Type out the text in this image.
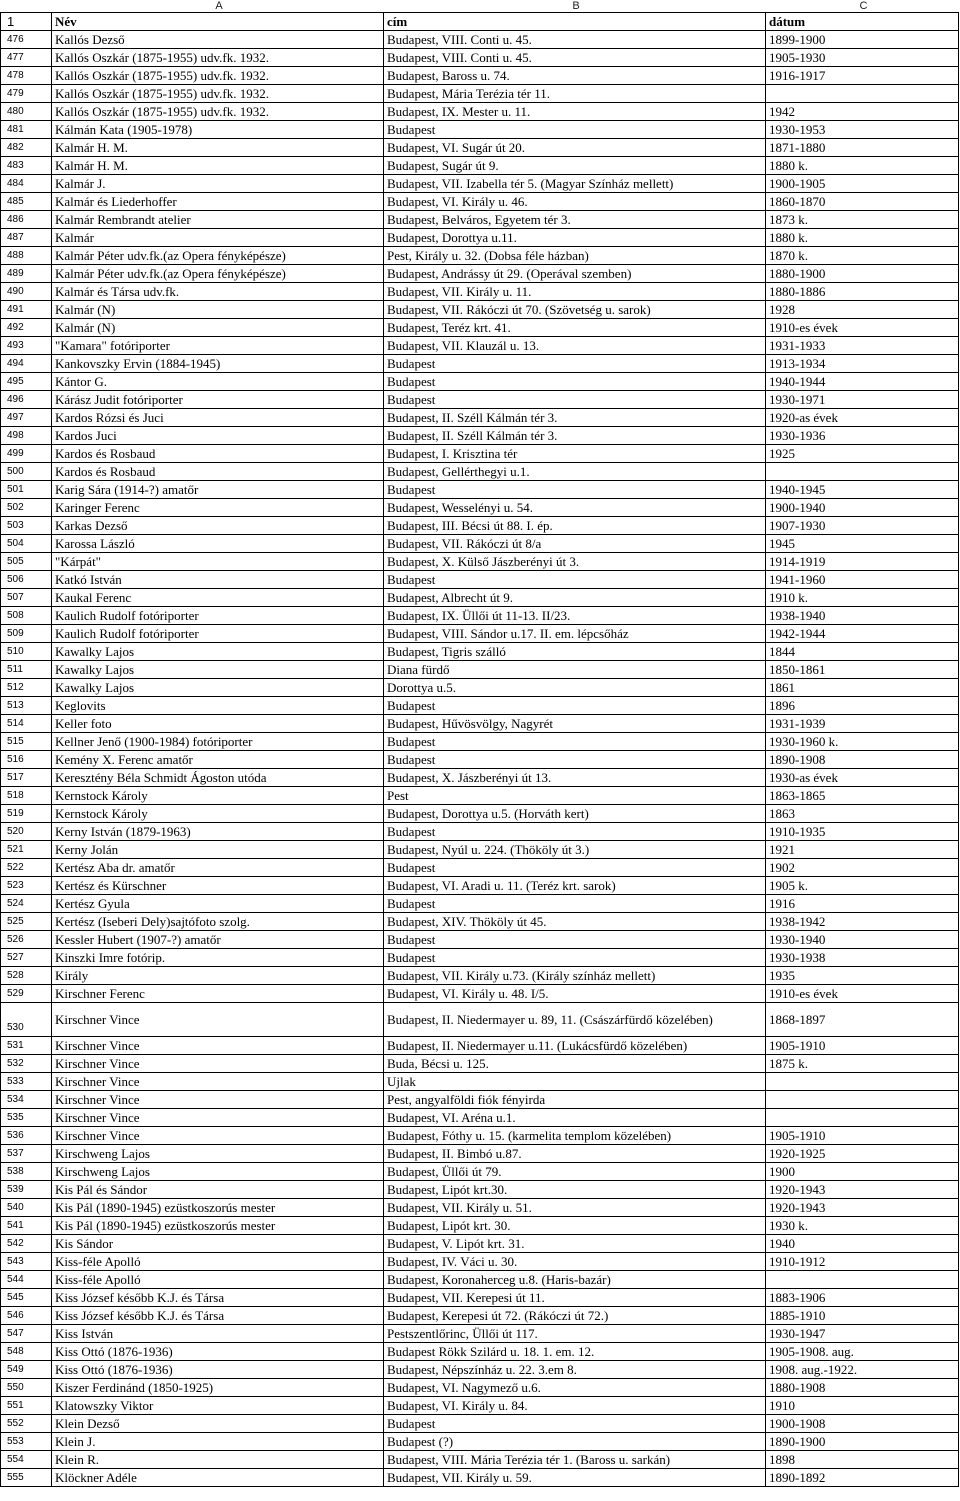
	A	B	C
1	Név	cím	dátum
476	Kallós Dezső	Budapest, VIII. Conti u. 45.	1899-1900
477	Kallós Oszkár (1875-1955) udv.fk. 1932.	Budapest, VIII. Conti u. 45.	1905-1930
478	Kallós Oszkár (1875-1955) udv.fk. 1932.	Budapest, Baross u. 74.	1916-1917
479	Kallós Oszkár (1875-1955) udv.fk. 1932.	Budapest, Mária Terézia tér 11.	
480	Kallós Oszkár (1875-1955) udv.fk. 1932.	Budapest, IX. Mester u. 11.	1942
481	Kálmán Kata (1905-1978)	Budapest	1930-1953
482	Kalmár H. M.	Budapest, VI. Sugár út 20.	1871-1880
483	Kalmár H. M.	Budapest, Sugár út 9.	1880 k.
484	Kalmár J.	Budapest, VII. Izabella tér 5. (Magyar Színház mellett)	1900-1905
485	Kalmár és Liederhoffer	Budapest, VI. Király u. 46.	1860-1870
486	Kalmár Rembrandt atelier	Budapest, Belváros, Egyetem tér 3.	1873 k.
487	Kalmár	Budapest, Dorottya u.11.	1880 k.
488	Kalmár Péter udv.fk.(az Opera fényképésze)	Pest, Király u. 32. (Dobsa féle házban)	1870 k.
489	Kalmár Péter udv.fk.(az Opera fényképésze)	Budapest, Andrássy út 29. (Operával szemben)	1880-1900
490	Kalmár és Társa udv.fk.	Budapest, VII. Király u. 11.	1880-1886
491	Kalmár (N)	Budapest, VII. Rákóczi út 70. (Szövetség u. sarok)	1928
492	Kalmár (N)	Budapest, Teréz krt. 41.	1910-es évek
493	"Kamara" fotóriporter	Budapest, VII. Klauzál u. 13.	1931-1933
494	Kankovszky Ervin (1884-1945)	Budapest	1913-1934
495	Kántor G.	Budapest	1940-1944
496	Kárász Judit fotóriporter	Budapest	1930-1971
497	Kardos Rózsi és Juci	Budapest, II. Széll Kálmán tér 3.	1920-as évek
498	Kardos Juci	Budapest, II. Széll Kálmán tér 3.	1930-1936
499	Kardos és Rosbaud	Budapest, I. Krisztina tér	1925
500	Kardos és Rosbaud	Budapest, Gellérthegyi u.1.	
501	Karig Sára (1914-?) amatőr	Budapest	1940-1945
502	Karinger Ferenc	Budapest, Wesselényi u. 54.	1900-1940
503	Karkas Dezső	Budapest, III. Bécsi út 88. I. ép.	1907-1930
504	Karossa László	Budapest, VII. Rákóczi út 8/a	1945
505	"Kárpát"	Budapest, X. Külső Jászberényi út 3.	1914-1919
506	Katkó István	Budapest	1941-1960
507	Kaukal Ferenc	Budapest, Albrecht út 9.	1910 k.
508	Kaulich Rudolf fotóriporter	Budapest, IX. Üllői út 11-13. II/23.	1938-1940
509	Kaulich Rudolf fotóriporter	Budapest, VIII. Sándor u.17. II. em. lépcsőház	1942-1944
510	Kawalky Lajos	Budapest, Tigris szálló	1844
511	Kawalky Lajos	Diana fürdő	1850-1861
512	Kawalky Lajos	Dorottya u.5.	1861
513	Keglovits	Budapest	1896
514	Keller foto	Budapest, Hűvösvölgy, Nagyrét	1931-1939
515	Kellner Jenő (1900-1984) fotóriporter	Budapest	1930-1960 k.
516	Kemény X. Ferenc amatőr	Budapest	1890-1908
517	Keresztény Béla Schmidt Ágoston utóda	Budapest, X. Jászberényi út 13.	1930-as évek
518	Kernstock Károly	Pest	1863-1865
519	Kernstock Károly	Budapest, Dorottya u.5. (Horváth kert)	1863
520	Kerny István (1879-1963)	Budapest	1910-1935
521	Kerny Jolán	Budapest, Nyúl u. 224. (Thököly út 3.)	1921
522	Kertész Aba dr. amatőr	Budapest	1902
523	Kertész és Kürschner	Budapest, VI. Aradi u. 11. (Teréz krt. sarok)	1905 k.
524	Kertész Gyula	Budapest	1916
525	Kertész (Iseberi Dely)sajtófoto szolg.	Budapest, XIV. Thököly út 45.	1938-1942
526	Kessler Hubert (1907-?) amatőr	Budapest	1930-1940
527	Kinszki Imre fotórip.	Budapest	1930-1938
528	Király	Budapest, VII. Király u.73. (Király színház mellett)	1935
529	Kirschner Ferenc	Budapest, VI. Király u. 48. I/5.	1910-es évek
530	Kirschner Vince	Budapest, II. Niedermayer u. 89, 11. (Császárfürdő közelében)	1868-1897
531	Kirschner Vince	Budapest, II. Niedermayer u.11. (Lukácsfürdő közelében)	1905-1910
532	Kirschner Vince	Buda, Bécsi u. 125.	1875 k.
533	Kirschner Vince	Ujlak	
534	Kirschner Vince	Pest, angyalföldi fiók fényirda	
535	Kirschner Vince	Budapest, VI. Aréna u.1.	
536	Kirschner Vince	Budapest, Fóthy u. 15. (karmelita templom közelében)	1905-1910
537	Kirschweng Lajos	Budapest, II. Bimbó u.87.	1920-1925
538	Kirschweng Lajos	Budapest, Üllői út 79.	1900
539	Kis Pál és Sándor	Budapest, Lipót krt.30.	1920-1943
540	Kis Pál (1890-1945) ezüstkoszorús mester	Budapest, VII. Király u. 51.	1920-1943
541	Kis Pál (1890-1945) ezüstkoszorús mester	Budapest, Lipót krt. 30.	1930 k.
542	Kis Sándor	Budapest, V. Lipót krt. 31.	1940
543	Kiss-féle Apolló	Budapest, IV. Váci u. 30.	1910-1912
544	Kiss-féle Apolló	Budapest, Koronaherceg u.8. (Haris-bazár)	
545	Kiss József később K.J. és Társa	Budapest, VII. Kerepesi út 11.	1883-1906
546	Kiss József később K.J. és Társa	Budapest, Kerepesi út 72. (Rákóczi út 72.)	1885-1910
547	Kiss István	Pestszentlőrinc, Üllői út 117.	1930-1947
548	Kiss Ottó (1876-1936)	Budapest Rökk Szilárd u. 18. 1. em. 12.	1905-1908. aug.
549	Kiss Ottó (1876-1936)	Budapest, Népszínház u. 22. 3.em 8.	1908. aug.-1922.
550	Kiszer Ferdinánd (1850-1925)	Budapest, VI. Nagymező u.6.	1880-1908
551	Klatowszky Viktor	Budapest, VI. Király u. 84.	1910
552	Klein Dezső	Budapest	1900-1908
553	Klein J.	Budapest (?)	1890-1900
554	Klein R.	Budapest, VIII. Mária Terézia tér 1. (Baross u. sarkán)	1898
555	Klöckner Adéle	Budapest, VII. Király u. 59.	1890-1892
